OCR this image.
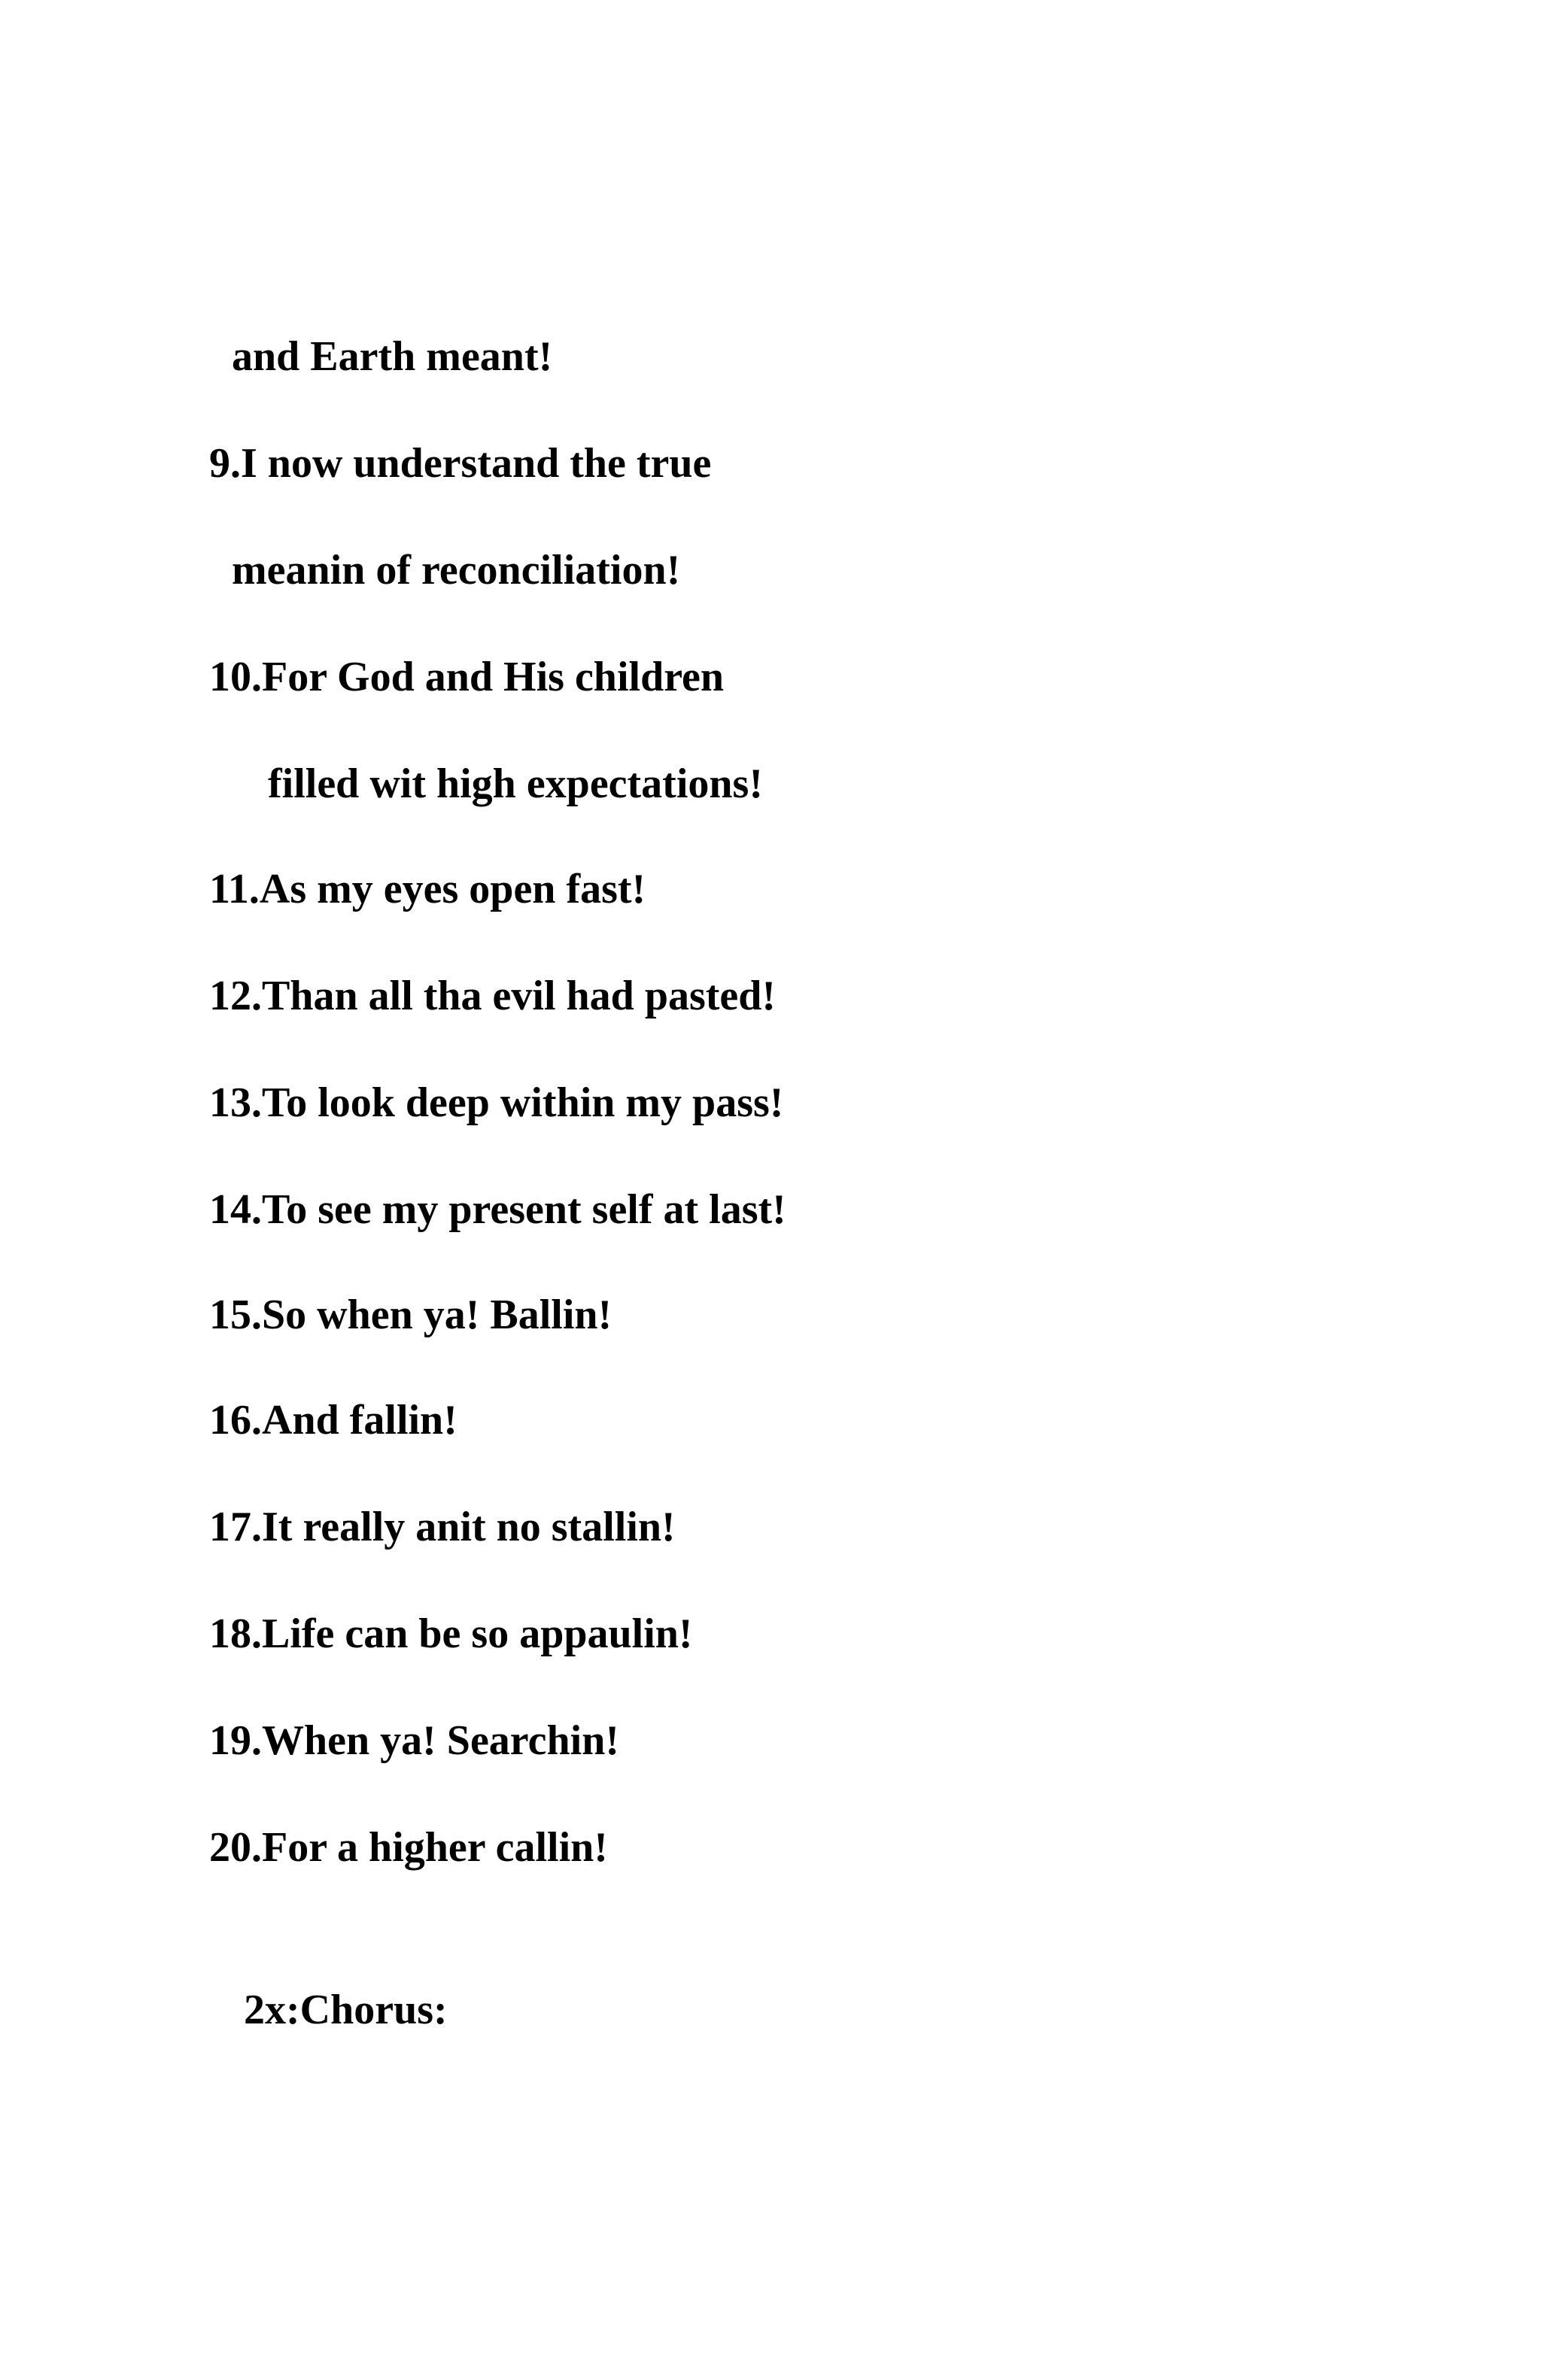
and Earth meant!

9.I now understand the true

meanin of reconciliation!

10.For God and His children

filled wit high expectations!

11.As my eyes open fast!

12.Than all tha evil had pasted!

13.To look deep within my pass!

14.To see my present self at last!

15.So when ya! Ballin!

16.And fallin!

17.It really anit no stallin!

18.Life can be so appaulin!

19.When ya! Searchin!

20.For a higher callin!

2x:Chorus:
